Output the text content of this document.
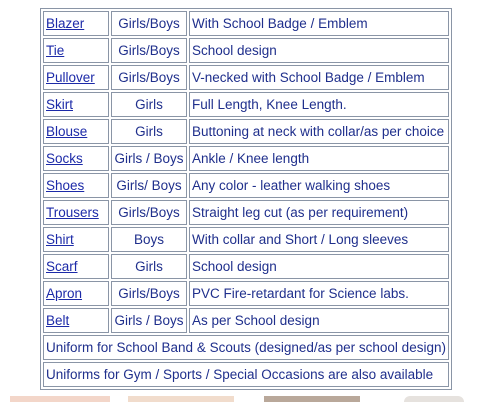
Blazer	Girls/Boys	With School Badge / Emblem
Tie	Girls/Boys	School design
Pullover	Girls/Boys	V-necked with School Badge / Emblem
Skirt	Girls	Full Length, Knee Length.
Blouse	Girls	Buttoning at neck with collar/as per choice
Socks	Girls / Boys	Ankle / Knee length
Shoes	Girls/ Boys	Any color - leather walking shoes
Trousers	Girls/Boys	Straight leg cut (as per requirement)
Shirt	Boys	With collar and Short / Long sleeves
Scarf	Girls	School design
Apron	Girls/Boys	PVC Fire-retardant for Science labs.
Belt	Girls / Boys	As per School design
Uniform for School Band & Scouts (designed/as per school design)		
Uniforms for Gym / Sports / Special Occasions are also available		
